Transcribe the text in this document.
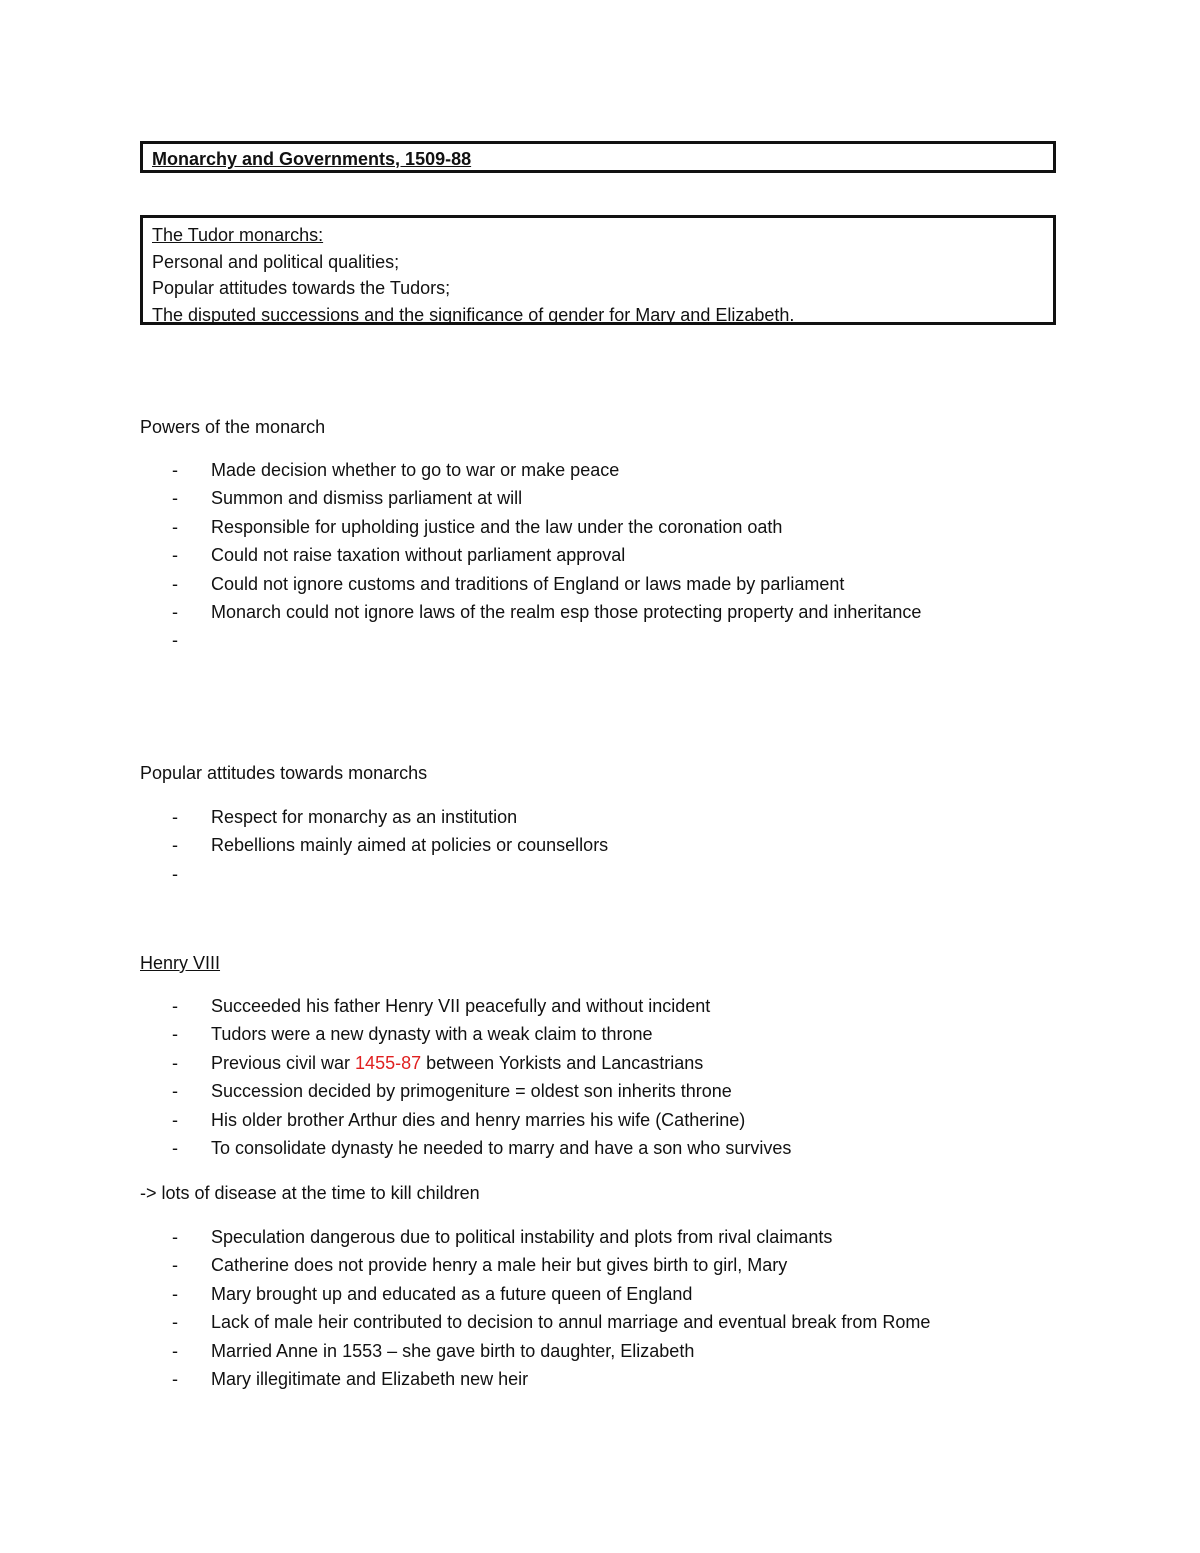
Monarchy and Governments, 1509-88
The Tudor monarchs:
Personal and political qualities;
Popular attitudes towards the Tudors;
The disputed successions and the significance of gender for Mary and Elizabeth.
Powers of the monarch
- Made decision whether to go to war or make peace
- Summon and dismiss parliament at will
- Responsible for upholding justice and the law under the coronation oath
- Could not raise taxation without parliament approval
- Could not ignore customs and traditions of England or laws made by parliament
- Monarch could not ignore laws of the realm esp those protecting property and inheritance
-
Popular attitudes towards monarchs
- Respect for monarchy as an institution
- Rebellions mainly aimed at policies or counsellors
-
Henry VIII
- Succeeded his father Henry VII peacefully and without incident
- Tudors were a new dynasty with a weak claim to throne
- Previous civil war 1455-87 between Yorkists and Lancastrians
- Succession decided by primogeniture = oldest son inherits throne
- His older brother Arthur dies and henry marries his wife (Catherine)
- To consolidate dynasty he needed to marry and have a son who survives
-> lots of disease at the time to kill children
- Speculation dangerous due to political instability and plots from rival claimants
- Catherine does not provide henry a male heir but gives birth to girl, Mary
- Mary brought up and educated as a future queen of England
- Lack of male heir contributed to decision to annul marriage and eventual break from Rome
- Married Anne in 1553 – she gave birth to daughter, Elizabeth
- Mary illegitimate and Elizabeth new heir
